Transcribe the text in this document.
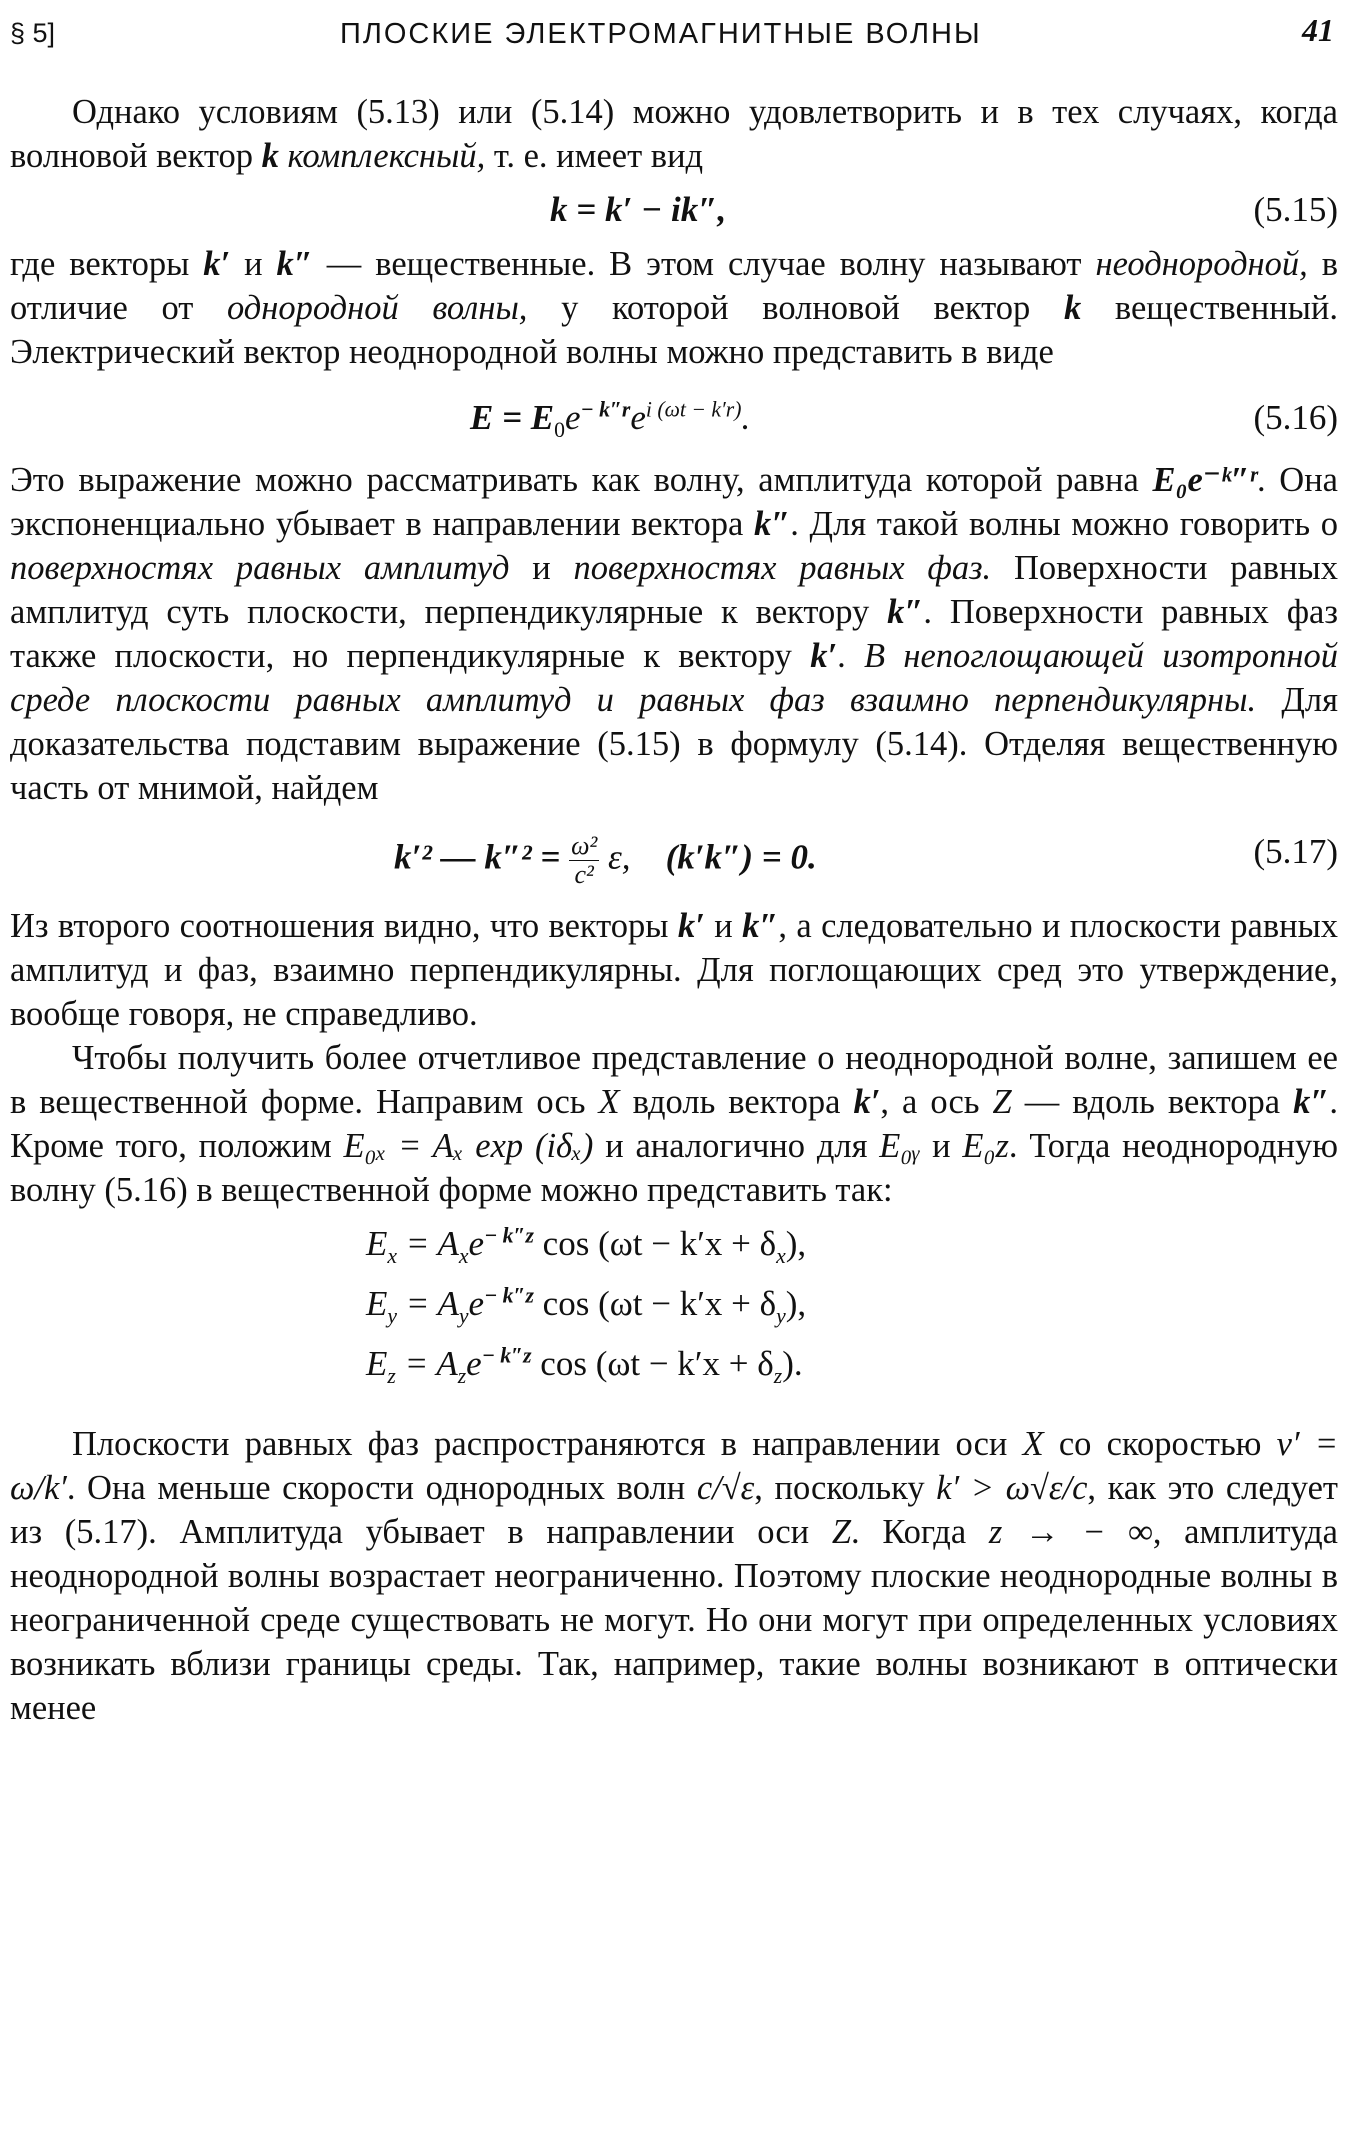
§ 5]	ПЛОСКИЕ ЭЛЕКТРОМАГНИТНЫЕ ВОЛНЫ	41

Однако условиям (5.13) или (5.14) можно удовлетворить и в тех случаях, когда волновой вектор k комплексный, т. е. имеет вид

k = k′ − ik″,	(5.15)

где векторы k′ и k″ — вещественные. В этом случае волну называют неоднородной, в отличие от однородной волны, у которой волновой вектор k вещественный. Электрический вектор неоднородной волны можно представить в виде

$E = E_0e^{- k''r}e^{i (\omega t - k'r)}$.	(5.16)

Это выражение можно рассматривать как волну, амплитуда которой равна E₀e⁻ᵏ″ʳ. Она экспоненциально убывает в направлении вектора k″. Для такой волны можно говорить о поверхностях равных амплитуд и поверхностях равных фаз. Поверхности равных амплитуд суть плоскости, перпендикулярные к вектору k″. Поверхности равных фаз также плоскости, но перпендикулярные к вектору k′. В непоглощающей изотропной среде плоскости равных амплитуд и равных фаз взаимно перпендикулярны. Для доказательства подставим выражение (5.15) в формулу (5.14). Отделяя вещественную часть от мнимой, найдем

k′² — $k''^2 = \frac{\text{ω²}}{\text{c²}} \varepsilon$, (k′k″) = 0.	(5.17)

Из второго соотношения видно, что векторы k′ и k″, а следовательно и плоскости равных амплитуд и фаз, взаимно перпендикулярны. Для поглощающих сред это утверждение, вообще говоря, не справедливо.

Чтобы получить более отчетливое представление о неоднородной волне, запишем ее в вещественной форме. Направим ось X вдоль вектора k′, а ось Z — вдоль вектора k″. Кроме того, положим E₀ₓ = Aₓ exp (iδₓ) и аналогично для E₀ᵧ и E₀z. Тогда неоднородную волну (5.16) в вещественной форме можно представить так:

$E_x = A_xe^{- k''z}$ $\cos (\omega t - k'x + \delta_x)$,
$E_y = A_ye^{- k''z}$ $\cos (\omega t - k'x + \delta_y)$,
$E_z = A_ze^{- k''z}$ $\cos (\omega t - k'x + \delta_z)$.

Плоскости равных фаз распространяются в направлении оси X со скоростью v′ = ω/k′. Она меньше скорости однородных волн c/√ε, поскольку k′ > ω√ε/c, как это следует из (5.17). Амплитуда убывает в направлении оси Z. Когда z → − ∞, амплитуда неоднородной волны возрастает неограниченно. Поэтому плоские неоднородные волны в неограниченной среде существовать не могут. Но они могут при определенных условиях возникать вблизи границы среды. Так, например, такие волны возникают в оптически менее
